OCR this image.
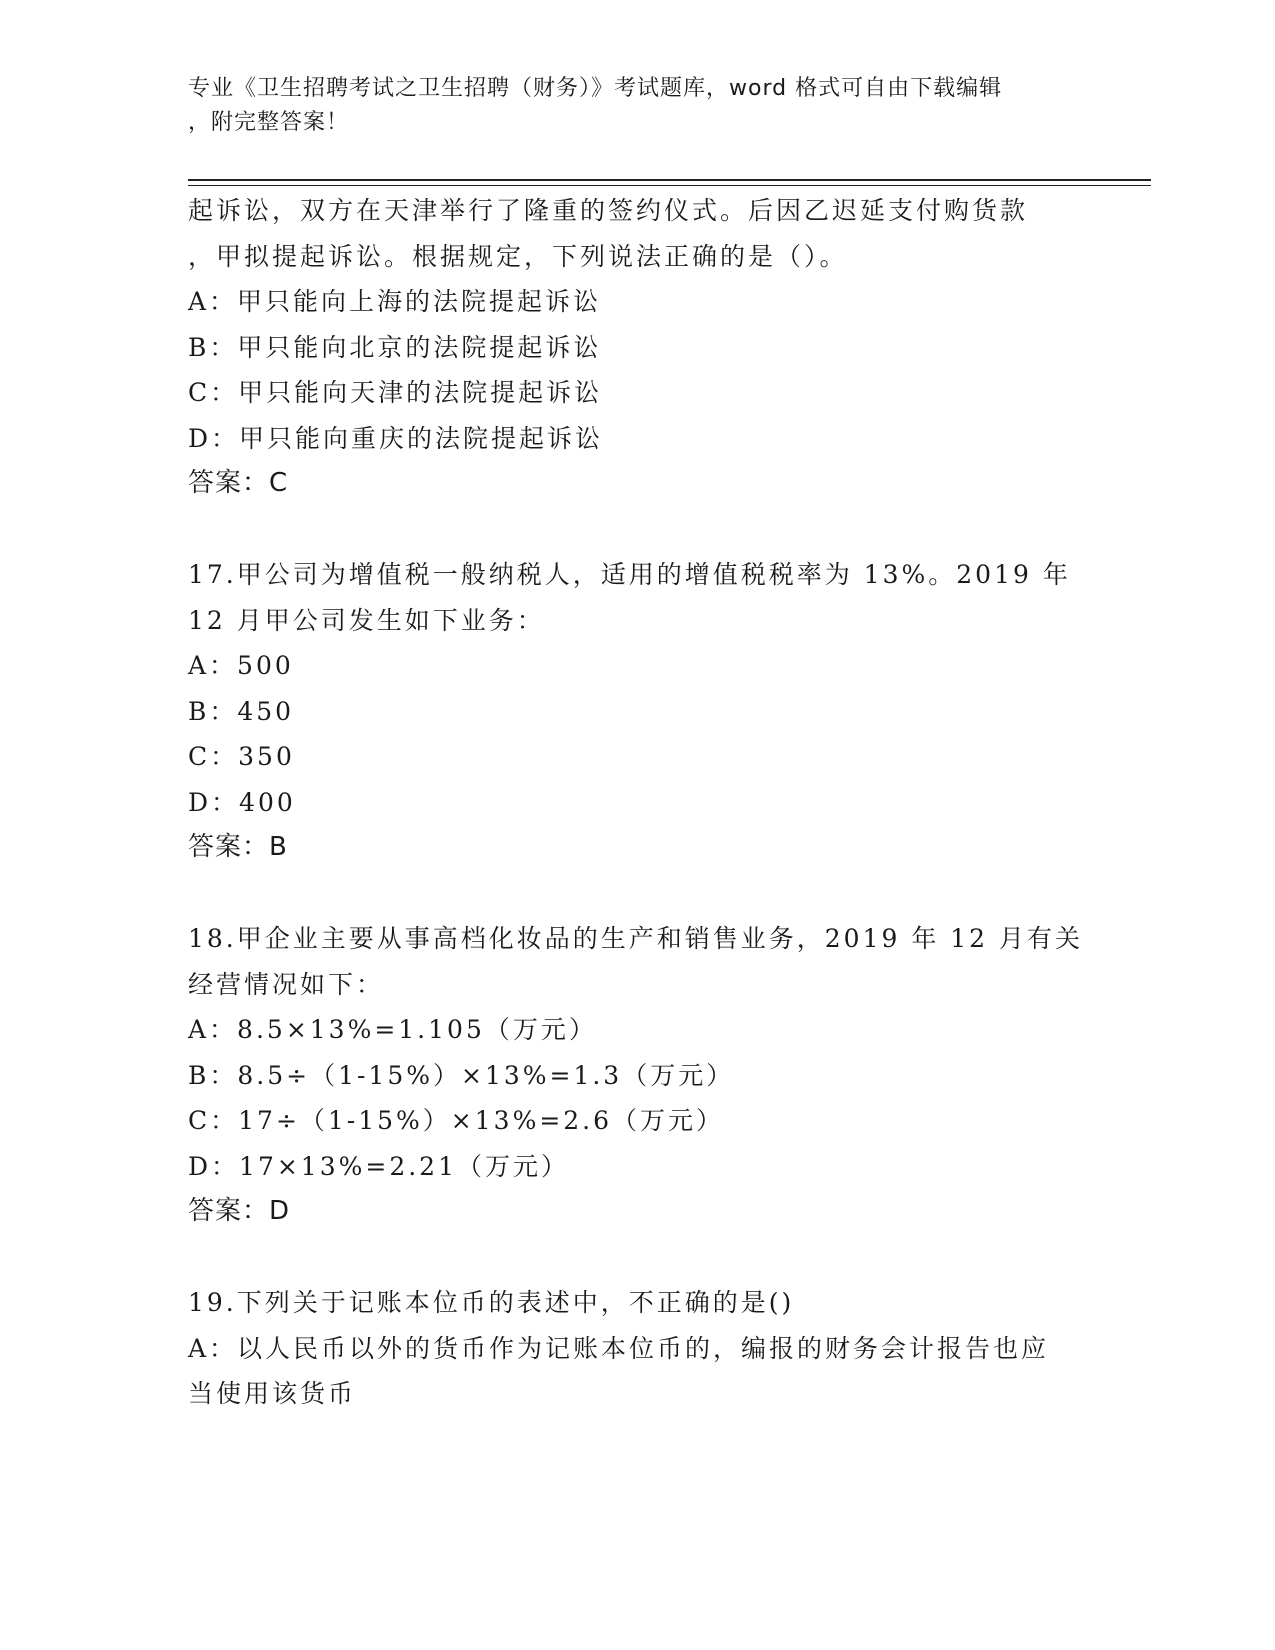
专业《卫生招聘考试之卫生招聘（财务）》考试题库，word 格式可自由下载编辑
，附完整答案！
起诉讼，双方在天津举行了隆重的签约仪式。后因乙迟延支付购货款
，甲拟提起诉讼。根据规定，下列说法正确的是（）。
A：甲只能向上海的法院提起诉讼
B：甲只能向北京的法院提起诉讼
C：甲只能向天津的法院提起诉讼
D：甲只能向重庆的法院提起诉讼
答案：C
17.甲公司为增值税一般纳税人，适用的增值税税率为 13%。2019 年
12 月甲公司发生如下业务：
A：500
B：450
C：350
D：400
答案：B
18.甲企业主要从事高档化妆品的生产和销售业务，2019 年 12 月有关
经营情况如下：
A：8.5×13%=1.105（万元）
B：8.5÷（1-15%）×13%=1.3（万元）
C：17÷（1-15%）×13%=2.6（万元）
D：17×13%=2.21（万元）
答案：D
19.下列关于记账本位币的表述中，不正确的是()
A：以人民币以外的货币作为记账本位币的，编报的财务会计报告也应
当使用该货币
